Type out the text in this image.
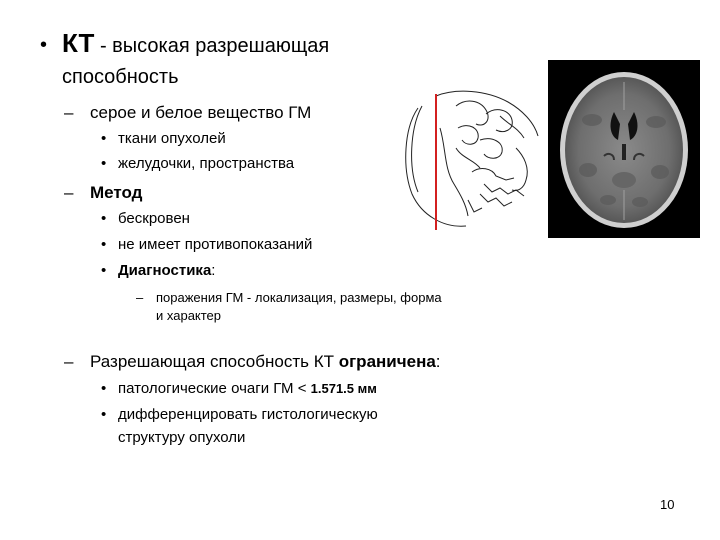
• КТ - высокая разрешающая
способность
– серое и белое вещество ГМ
• ткани опухолей
• желудочки, пространства
– Метод
• бескровен
• не имеет противопоказаний
• Диагностика:
– поражения ГМ - локализация, размеры, форма
и характер
– Разрешающая способность КТ ограничена:
• патологические очаги ГМ < 1.571.5 мм
• дифференцировать гистологическую
структуру опухоли
10
